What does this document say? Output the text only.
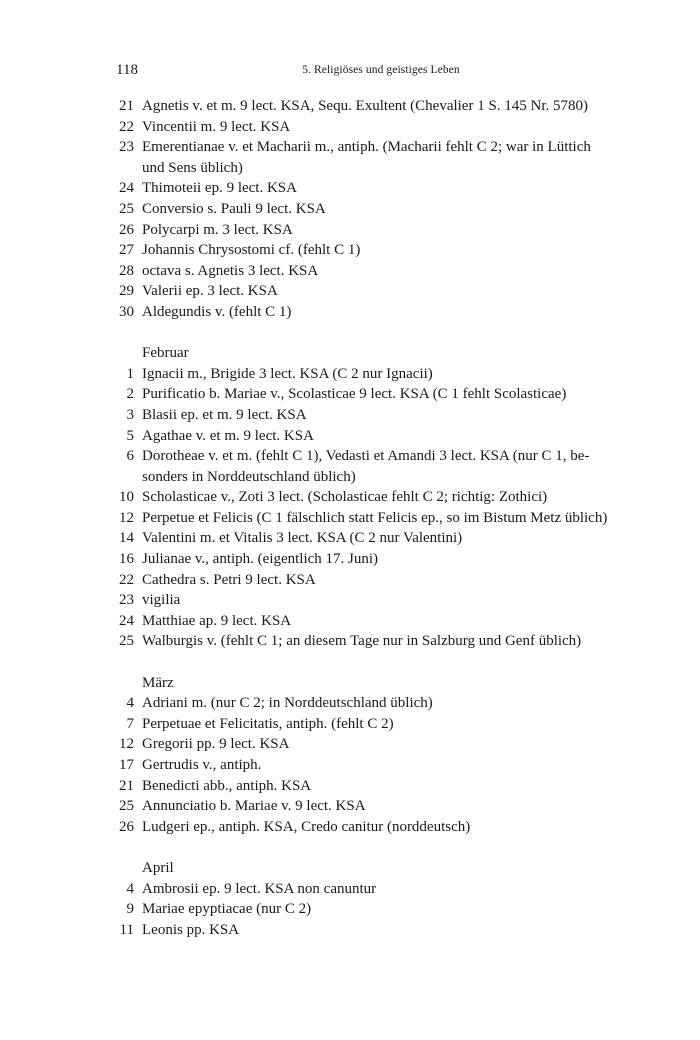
118	5. Religiöses und geistiges Leben
21 Agnetis v. et m. 9 lect. KSA, Sequ. Exultent (Chevalier 1 S. 145 Nr. 5780)
22 Vincentii m. 9 lect. KSA
23 Emerentianae v. et Macharii m., antiph. (Macharii fehlt C 2; war in Lüttich
und Sens üblich)
24 Thimoteii ep. 9 lect. KSA
25 Conversio s. Pauli 9 lect. KSA
26 Polycarpi m. 3 lect. KSA
27 Johannis Chrysostomi cf. (fehlt C 1)
28 octava s. Agnetis 3 lect. KSA
29 Valerii ep. 3 lect. KSA
30 Aldegundis v. (fehlt C 1)
Februar
1 Ignacii m., Brigide 3 lect. KSA (C 2 nur Ignacii)
2 Purificatio b. Mariae v., Scolasticae 9 lect. KSA (C 1 fehlt Scolasticae)
3 Blasii ep. et m. 9 lect. KSA
5 Agathae v. et m. 9 lect. KSA
6 Dorotheae v. et m. (fehlt C 1), Vedasti et Amandi 3 lect. KSA (nur C 1, be-
sonders in Norddeutschland üblich)
10 Scholasticae v., Zoti 3 lect. (Scholasticae fehlt C 2; richtig: Zothici)
12 Perpetue et Felicis (C 1 fälschlich statt Felicis ep., so im Bistum Metz üblich)
14 Valentini m. et Vitalis 3 lect. KSA (C 2 nur Valentini)
16 Julianae v., antiph. (eigentlich 17. Juni)
22 Cathedra s. Petri 9 lect. KSA
23 vigilia
24 Matthiae ap. 9 lect. KSA
25 Walburgis v. (fehlt C 1; an diesem Tage nur in Salzburg und Genf üblich)
März
4 Adriani m. (nur C 2; in Norddeutschland üblich)
7 Perpetuae et Felicitatis, antiph. (fehlt C 2)
12 Gregorii pp. 9 lect. KSA
17 Gertrudis v., antiph.
21 Benedicti abb., antiph. KSA
25 Annunciatio b. Mariae v. 9 lect. KSA
26 Ludgeri ep., antiph. KSA, Credo canitur (norddeutsch)
April
4 Ambrosii ep. 9 lect. KSA non canuntur
9 Mariae epyptiacae (nur C 2)
11 Leonis pp. KSA
